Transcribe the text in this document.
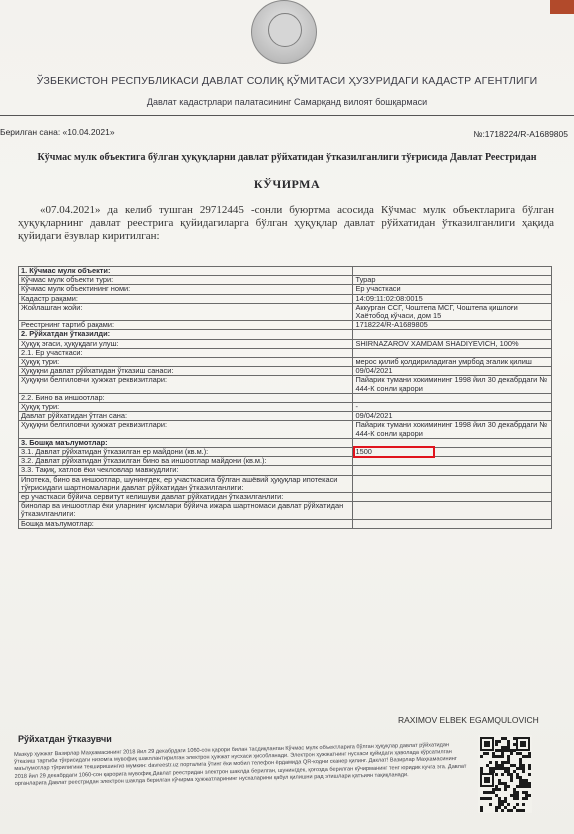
ЎЗБЕКИСТОН РЕСПУБЛИКАСИ ДАВЛАТ СОЛИҚ ҚЎМИТАСИ ҲУЗУРИДАГИ КАДАСТР АГЕНТЛИГИ
Давлат кадастрлари палатасининг Самарқанд вилоят бошқармаси
Берилган сана: «10.04.2021»	№:1718224/R-A1689805
Кўчмас мулк объектига бўлган ҳуқуқларни давлат рўйхатидан ўтказилганлиги тўғрисида Давлат Реестридан
КЎЧИРМА
«07.04.2021» да келиб тушган 29712445 -сонли буюртма асосида Кўчмас мулк объектларига бўлган ҳуқуқларнинг давлат реестрига қуйидагиларга бўлган ҳуқуқлар давлат рўйхатидан ўтказилганлиги ҳақида қуйидаги ёзувлар киритилган:
1. Кўчмас мулк объекти:	
Кўчмас мулк объекти тури:	Турар
Кўчмас мулк объектининг номи:	Ер участкаси
Кадастр рақами:	14:09:11:02:08:0015
Жойлашган жойи:	Аккурган ССГ, Чоштепа МСГ, Чоштепа қишлоғи Хаётобод кўчаси, дом 15
Реестрнинг тартиб рақами:	1718224/R-A1689805
2. Рўйхатдан ўтказилди:	
Ҳуқуқ эгаси, ҳуқуқдаги улуш:	SHIRNAZAROV XAMDAM SHADIYEVICH, 100%
2.1. Ер участкаси:	
Ҳуқуқ тури:	мерос қилиб қолдириладиган умрбод эгалик қилиш
Ҳуқуқни давлат рўйхатидан ўтказиш санаси:	09/04/2021
Ҳуқуқни белгиловчи ҳужжат реквизитлари:	Пайарик тумани хокимининг 1998 йил 30 декабрдаги № 444-К сонли қарори
2.2. Бино ва иншоотлар:	
Ҳуқуқ тури:	-
Давлат рўйхатидан ўтган сана:	09/04/2021
Ҳуқуқни белгиловчи ҳужжат реквизитлари:	Пайарик тумани хокимининг 1998 йил 30 декабрдаги № 444-К сонли қарори
3. Бошқа маълумотлар:	
3.1. Давлат рўйхатидан ўтказилган ер майдони (кв.м.):	1500
3.2. Давлат рўйхатидан ўтказилган бино ва иншоотлар майдони (кв.м.):	
3.3. Тақиқ, хатлов ёки чекловлар мавжудлиги:	
Ипотека, бино ва иншоотлар, шунингдек, ер участкасига бўлган ашёвий ҳуқуқлар ипотекаси тўғрисидаги шартномаларни давлат рўйхатидан ўтказилганлиги:	
ер участкаси бўйича сервитут келишуви давлат рўйхатидан ўтказилганлиги:	
бинолар ва иншоотлар ёки уларнинг қисмлари бўйича ижара шартномаси давлат рўйхатидан ўтказилганлиги:	
Бошқа маълумотлар:	
RAXIMOV ELBEK EGAMQULOVICH
Рўйхатдан ўтказувчи
Мазкур ҳужжат Вазирлар Маҳкамасининг 2018 йил 29 декабрдаги 1060-сон қарори билан тасдиқланган Кўчмас мулк объектларига бўлган ҳуқуқлар давлат рўйхатидан ўтказиш тартиби тўғрисидаги низомга мувофиқ шакллантирилган электрон ҳужжат нусхаси ҳисобланади. Электрон ҳужжатнинг нусхаси қуйидаги ҳаволада кўрсатилган маълумотлар тўғрилигини текширишингиз мумкин: davreestr.uz порталига ўтинг ёки мобил телефон ёрдамида QR-кодни сканер қилинг. Даклат! Вазирлар Маҳкамасининг 2018 йил 29 декабрдаги 1060-сон қарорига мувофиқ Давлат реестридан электрон шаклда берилган, шунингдек, қоғозда берилган кўчирманинг тенг юридик кучга эга. Давлат органларига Давлат реестридан электрон шаклда берилган кўчирма ҳужжатларининг нусхаларини қабул қилишни рад этишлари қатъиян тақиқланади.
